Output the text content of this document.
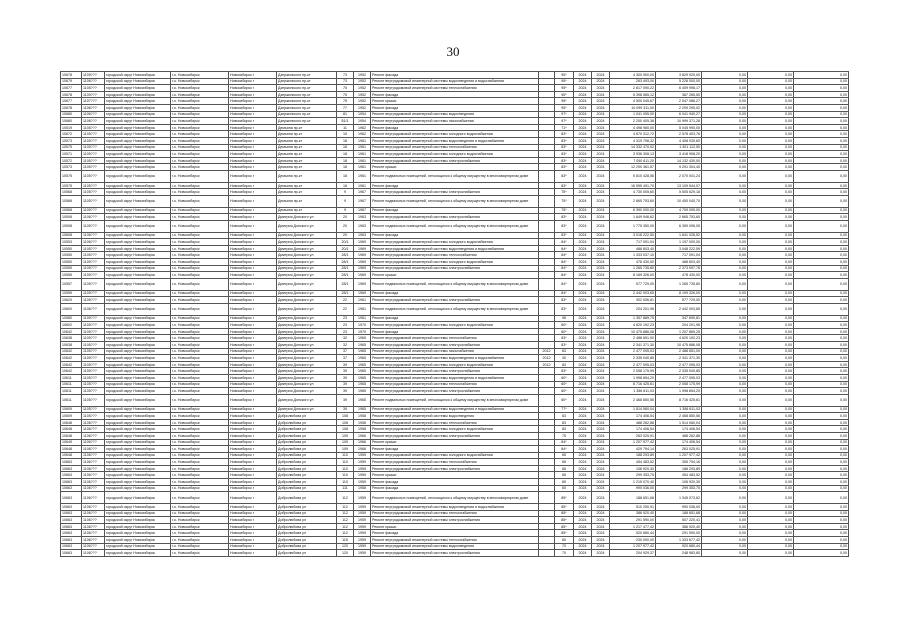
30
10678	1109???	городской округ Новосибирск	г.о. Новосибирск	Новосибирск г	Дзержинского пр-кт	73	1952	Ремонт фасада		95*	2024	2024	4 300 900,00	3 829 920,00	0,00	0,00	0,00
10679	1106???	городской округ Новосибирск	г.о. Новосибирск	Новосибирск г	Дзержинского пр-кт	73	1952	Ремонт внутридомовой инженерной системы водоотведения и водоснабжения		95*	2024	2024	263 493,00	5 226 000,00	0,00	0,00	0,00
10677	1105???	городской округ Новосибирск	г.о. Новосибирск	Новосибирск г	Дзержинского пр-кт	75	1952	Ремонт внутридомовой инженерной системы теплоснабжения		95*	2024	2024	2 817 090,22	6 409 998,17	0,00	0,00	0,00
10678	1109???	городской округ Новосибирск	г.о. Новосибирск	Новосибирск г	Дзержинского пр-кт	75	1952	Ремонт фасада		95*	2024	2024	5 398 585,12	387 265,50	0,00	0,00	0,00
10677	1107???	городской округ Новосибирск	г.о. Новосибирск	Новосибирск г	Дзержинского пр-кт	75	1952	Ремонт крыши		95*	2024	2024	4 500 045,67	2 547 086,27	0,00	0,00	0,00
10678	1106???	городской округ Новосибирск	г.о. Новосибирск	Новосибирск г	Дзержинского пр-кт	77	1952	Ремонт фасада		95*	2024	2024	10 099 311,00	2 209 295,02	0,00	0,00	0,00
10680	1106???	городской округ Новосибирск	г.о. Новосибирск	Новосибирск г	Дзержинского пр-кт	81	1954	Ремонт внутридомовой инженерной системы водоотведения		97*	2024	2024	1 041 055,00	6 041 940,27	0,00	0,00	0,00
10680	1106???	городской округ Новосибирск	г.о. Новосибирск	Новосибирск г	Дзержинского пр-кт	81/1	1954	Ремонт внутридомовой инженерной системы газоснабжения		97*	2024	2024	2 200 405,38	10 999 371,28	0,00	0,00	0,00
10519	1105???	городской округ Новосибирск	г.о. Новосибирск	Новосибирск г	Демьяна пр-кт	11	1962	Ремонт фасада		71*	2024	2024	4 498 980,00	5 045 990,00	0,00	0,00	0,00
10672	1105???	городской округ Новосибирск	г.о. Новосибирск	Новосибирск г	Демьяна пр-кт	15	1962	Ремонт внутридомовой инженерной системы холодного водоснабжения		83*	2024	2024	4 670 312,72	2 578 403,76	0,00	0,00	0,00
10573	1105???	городской округ Новосибирск	г.о. Новосибирск	Новосибирск г	Демьяна пр-кт	18	1961	Ремонт внутридомовой инженерной системы водоотведения и водоснабжения		83*	2024	2024	4 319 798,32	4 408 030,60	0,00	0,00	0,00
10575	1105???	городской округ Новосибирск	г.о. Новосибирск	Новосибирск г	Демьяна пр-кт	18	1961	Ремонт внутридомовой инженерной системы теплоснабжения		83*	2024	2024	14 332 470,02	1 401 112,50	0,00	0,00	0,00
10571	1105???	городской округ Новосибирск	г.о. Новосибирск	Новосибирск г	Демьяна пр-кт	18	1961	Ремонт внутридомовой инженерной системы холодного водоснабжения		83*	2024	2024	3 936 308,13	3 418 908,20	0,00	0,00	0,00
10572	1105???	городской округ Новосибирск	г.о. Новосибирск	Новосибирск г	Демьяна пр-кт	18	1961	Ремонт внутридомовой инженерной системы электроснабжения		83*	2024	2024	7 050 611,20	14 132 430,00	0,00	0,00	0,00
10573	1105???	городской округ Новосибирск	г.о. Новосибирск	Новосибирск г	Демьяна пр-кт	18	1961	Ремонт крыши		83*	2024	2024	12 290 361,57	9 291 304,40	0,00	0,00	0,00
10575	1105???	городской округ Новосибирск	г.о. Новосибирск	Новосибирск г	Демьяна пр-кт	18	1961	Ремонт подвальных помещений, относящихся к общему имуществу в многоквартирном доме		83*	2024	2024	5 810 428,56	2 070 041,24	0,00	0,00	0,00
10575	1105???	городской округ Новосибирск	г.о. Новосибирск	Новосибирск г	Демьяна пр-кт	16	1961	Ремонт фасада		83*	2024	2024	16 595 491,70	13 109 544,07	0,00	0,00	0,00
10568	1105???	городской округ Новосибирск	г.о. Новосибирск	Новосибирск г	Демьяна пр-кт	9	1967	Ремонт внутридомовой инженерной системы электроснабжения		75*	2024	2024	4 730 005,60	5 505 629,18	0,00	0,00	0,00
10568	1105???	городской округ Новосибирск	г.о. Новосибирск	Новосибирск г	Демьяна пр-кт	9	1967	Ремонт подвальных помещений, относящихся к общему имуществу в многоквартирном доме		75*	2024	2024	2 665 753,60	10 450 040,70	0,00	0,00	0,00
10568	1105???	городской округ Новосибирск	г.о. Новосибирск	Новосибирск г	Демьяна пр-кт	9	1967	Ремонт фасада		75*	2024	2024	6 390 000,00	4 709 095,00	0,00	0,00	0,00
10508	1106???	городской округ Новосибирск	г.о. Новосибирск	Новосибирск г	Дмитрия Донского ул	20	1963	Ремонт внутридомовой инженерной системы электроснабжения		83*	2024	2024	1 649 946,62	2 665 753,60	0,00	0,00	0,00
10508	1105???	городской округ Новосибирск	г.о. Новосибирск	Новосибирск г	Дмитрия Донского ул	20	1963	Ремонт подвальных помещений, относящихся к общему имуществу в многоквартирном доме		83*	2024	2024	1 775 350,00	6 359 096,05	0,00	0,00	0,00
10608	1106???	городской округ Новосибирск	г.о. Новосибирск	Новосибирск г	Дмитрия Донского ул	20	1963	Ремонт фасада		83*	2024	2024	3 018 222,50	1 641 026,52	0,00	0,00	0,00
10553	1106???	городской округ Новосибирск	г.о. Новосибирск	Новосибирск г	Дмитрия Донского ул	20/1	1969	Ремонт внутридомовой инженерной системы холодного водоснабжения		84*	2024	2024	717 091,04	1 197 000,00	0,00	0,00	0,00
10550	1105???	городской округ Новосибирск	г.о. Новосибирск	Новосибирск г	Дмитрия Донского ул	20/1	1969	Ремонт внутридомовой инженерной системы водоотведения и водоснабжения		84*	2024	2024	488 603,40	3 048 222,59	0,00	0,00	0,00
10550	1105???	городской округ Новосибирск	г.о. Новосибирск	Новосибирск г	Дмитрия Донского ул	28/1	1969	Ремонт внутридомовой инженерной системы теплоснабжения		84*	2024	2024	1 333 037,10	717 091,04	0,00	0,00	0,00
10550	1105???	городской округ Новосибирск	г.о. Новосибирск	Новосибирск г	Дмитрия Донского ул	28/1	1969	Ремонт внутридомовой инженерной системы холодного водоснабжения		84*	2024	2024	478 430,00	488 603,40	0,00	0,00	0,00
10559	1105???	городской округ Новосибирск	г.о. Новосибирск	Новосибирск г	Дмитрия Донского ул	28/1	1969	Ремонт внутридомовой инженерной системы электроснабжения		84*	2024	2024	1 265 735,80	2 373 097,78	0,00	0,00	0,00
10555	1105???	городской округ Новосибирск	г.о. Новосибирск	Новосибирск г	Дмитрия Донского ул	28/1	1969	Ремонт крыши		84*	2024	2024	8 169 326,00	478 430,00	0,00	0,00	0,00
10557	1105???	городской округ Новосибирск	г.о. Новосибирск	Новосибирск г	Дмитрия Донского ул	28/1	1969	Ремонт подвальных помещений, относящихся к общему имуществу в многоквартирном доме		84*	2024	2024	577 729,00	1 265 735,80	0,00	0,00	0,00
10559	1105???	городской округ Новосибирск	г.о. Новосибирск	Новосибирск г	Дмитрия Донского ул	28/1	1969	Ремонт фасада		84*	2024	2024	2 442 003,65	8 199 326,00	0,00	0,00	0,00
10620	1105???	городской округ Новосибирск	г.о. Новосибирск	Новосибирск г	Дмитрия Донского ул	22	1961	Ремонт внутридомовой инженерной системы электроснабжения		83*	2024	2024	302 006,81	577 729,00	0,00	0,00	0,00
10600	1106???	городской округ Новосибирск	г.о. Новосибирск	Новосибирск г	Дмитрия Донского ул	22	1961	Ремонт подвальных помещений, относящихся к общему имуществу в многоквартирном доме		83*	2024	2024	204 201,96	2 442 003,65	0,00	0,00	0,00
10580	1105???	городской округ Новосибирск	г.о. Новосибирск	Новосибирск г	Дмитрия Донского ул	23	1961	Ремонт фасада		96	2024	2024	1 357 889,75	347 690,81	0,00	0,00	0,00
10602	1105???	городской округ Новосибирск	г.о. Новосибирск	Новосибирск г	Дмитрия Донского ул	23	1970	Ремонт внутридомовой инженерной системы холодного водоснабжения		60*	2024	2024	4 620 192,23	204 201,96	0,00	0,00	0,00
10642	1105???	городской округ Новосибирск	г.о. Новосибирск	Новосибирск г	Дмитрия Донского ул	23	1970	Ремонт фасада		60*	2024	2024	10 475 886,08	1 207 869,25	0,00	0,00	0,00
10638	1105???	городской округ Новосибирск	г.о. Новосибирск	Новосибирск г	Дмитрия Донского ул	32	1965	Ремонт внутридомовой инженерной системы теплоснабжения		83*	2024	2024	2 488 651,00	4 620 192,23	0,00	0,00	0,00
10638	1105???	городской округ Новосибирск	г.о. Новосибирск	Новосибирск г	Дмитрия Донского ул	32	1965	Ремонт внутридомовой инженерной системы электроснабжения		83*	2024	2024	2 341 371,30	10 475 886,08	0,00	0,00	0,00
10642	1105???	городской округ Новосибирск	г.о. Новосибирск	Новосибирск г	Дмитрия Донского ул	37	1965	Ремонт внутридомовой инженерной системы газоснабжения	2012	83	2024	2024	2 477 095,03	2 488 651,00	0,00	0,00	0,00
10642	1105???	городской округ Новосибирск	г.о. Новосибирск	Новосибирск г	Дмитрия Донского ул	37	1965	Ремонт внутридомовой инженерной системы водоотведения и водоснабжения	2012	30	2024	2024	2 335 040,85	2 341 371,30	0,00	0,00	0,00
10642	1105???	городской округ Новосибирск	г.о. Новосибирск	Новосибирск г	Дмитрия Донского ул	39	1965	Ремонт внутридомовой инженерной системы холодного водоснабжения	2012	83	2024	2024	2 477 095,03	2 477 095,03	0,00	0,00	0,00
10642	1105???	городской округ Новосибирск	г.о. Новосибирск	Новосибирск г	Дмитрия Донского ул	39	1965	Ремонт внутридомовой инженерной системы электроснабжения		83*	2024	2024	2 058 175,99	2 335 040,85	0,00	0,00	0,00
10611	1105???	городской округ Новосибирск	г.о. Новосибирск	Новосибирск г	Дмитрия Донского ул	39	1965	Ремонт внутридомовой инженерной системы водоотведения и водоснабжения		60*	2024	2024	1 998 654,20	2 477 095,03	0,00	0,00	0,00
10611	1105???	городской округ Новосибирск	г.о. Новосибирск	Новосибирск г	Дмитрия Донского ул	39	1965	Ремонт внутридомовой инженерной системы теплоснабжения		60*	2024	2024	8 716 425,61	2 058 175,99	0,00	0,00	0,00
10611	1105???	городской округ Новосибирск	г.о. Новосибирск	Новосибирск г	Дмитрия Донского ул	39	1965	Ремонт внутридомовой инженерной системы электроснабжения		60*	2024	2024	1 356 611,03	1 998 654,20	0,00	0,00	0,00
10611	1105???	городской округ Новосибирск	г.о. Новосибирск	Новосибирск г	Дмитрия Донского ул	39	1965	Ремонт подвальных помещений, относящихся к общему имуществу в многоквартирном доме		60*	2024	2024	2 468 850,56	8 716 425,61	0,00	0,00	0,00
10609	1105???	городской округ Новосибирск	г.о. Новосибирск	Новосибирск г	Дмитрия Донского ул	39	1965	Ремонт внутридомовой инженерной системы водоотведения и водоснабжения		77*	2024	2024	1 514 060,04	1 356 611,03	0,00	0,00	0,00
10609	1105???	городской округ Новосибирск	г.о. Новосибирск	Новосибирск г	Добролюбова ул	108	1958	Ремонт внутридомовой инженерной системы водоотведения		83	2024	2024	174 406,54	2 468 850,56	0,00	0,00	0,00
10648	1106???	городской округ Новосибирск	г.о. Новосибирск	Новосибирск г	Добролюбова ул	108	1958	Ремонт внутридомовой инженерной системы теплоснабжения		83	2024	2024	488 262,88	1 514 060,04	0,00	0,00	0,00
10648	1106???	городской округ Новосибирск	г.о. Новосибирск	Новосибирск г	Добролюбова ул	108	1958	Ремонт внутридомовой инженерной системы холодного водоснабжения		83	2024	2024	174 406,54	174 406,54	0,00	0,00	0,00
10648	1106???	городской округ Новосибирск	г.о. Новосибирск	Новосибирск г	Добролюбова ул	109	1966	Ремонт внутридомовой инженерной системы электроснабжения		75	2024	2024	263 025,91	488 262,88	0,00	0,00	0,00
10649	1106???	городской округ Новосибирск	г.о. Новосибирск	Новосибирск г	Добролюбова ул	109	1966	Ремонт крыши		84*	2024	2024	1 207 977,42	174 406,54	0,00	0,00	0,00
10648	1106???	городской округ Новосибирск	г.о. Новосибирск	Новосибирск г	Добролюбова ул	109	1966	Ремонт фасада		84*	2024	2024	429 794,14	263 025,91	0,00	0,00	0,00
10648	1106???	городской округ Новосибирск	г.о. Новосибирск	Новосибирск г	Добролюбова ул	110	1959	Ремонт внутридомовой инженерной системы холодного водоснабжения		65	2024	2024	188 293,89	1 207 977,42	0,00	0,00	0,00
10663	1106???	городской округ Новосибирск	г.о. Новосибирск	Новосибирск г	Добролюбова ул	110	1959	Ремонт внутридомовой инженерной системы теплоснабжения		65	2024	2024	454 483,52	355 794,16	0,00	0,00	0,00
10663	1106???	городской округ Новосибирск	г.о. Новосибирск	Новосибирск г	Добролюбова ул	110	1959	Ремонт внутридомовой инженерной системы электроснабжения		65	2024	2024	106 920,30	188 293,89	0,00	0,00	0,00
10663	1106???	городской округ Новосибирск	г.о. Новосибирск	Новосибирск г	Добролюбова ул	110	1959	Ремонт крыши		65	2024	2024	299 353,75	454 483,52	0,00	0,00	0,00
10663	1106???	городской округ Новосибирск	г.о. Новосибирск	Новосибирск г	Добролюбова ул	110	1959	Ремонт фасада		65	2024	2024	1 215 070,40	106 920,30	0,00	0,00	0,00
10663	1106???	городской округ Новосибирск	г.о. Новосибирск	Новосибирск г	Добролюбова ул	111	1958	Ремонт фасада		60	2024	2024	990 036,00	299 353,75	0,00	0,00	0,00
10663	1106???	городской округ Новосибирск	г.о. Новосибирск	Новосибирск г	Добролюбова ул	112	1959	Ремонт подвальных помещений, относящихся к общему имуществу в многоквартирном доме		85*	2024	2024	188 651,68	1 345 073,62	0,00	0,00	0,00
10663	1106???	городской округ Новосибирск	г.о. Новосибирск	Новосибирск г	Добролюбова ул	112	1959	Ремонт внутридомовой инженерной системы водоотведения и водоснабжения		85*	2024	2024	510 250,91	990 036,00	0,00	0,00	0,00
10663	1106???	городской округ Новосибирск	г.о. Новосибирск	Новосибирск г	Добролюбова ул	112	1959	Ремонт внутридомовой инженерной системы теплоснабжения		85*	2024	2024	386 920,40	188 651,68	0,00	0,00	0,00
10663	1106???	городской округ Новосибирск	г.о. Новосибирск	Новосибирск г	Добролюбова ул	112	1959	Ремонт внутридомовой инженерной системы электроснабжения		85*	2024	2024	291 590,00	507 220,41	0,00	0,00	0,00
10663	1106???	городской округ Новосибирск	г.о. Новосибирск	Новосибирск г	Добролюбова ул	112	1959	Ремонт крыши		85*	2024	2024	1 217 477,42	386 920,40	0,00	0,00	0,00
10663	1106???	городской округ Новосибирск	г.о. Новосибирск	Новосибирск г	Добролюбова ул	112	1959	Ремонт фасада		85*	2024	2024	920 680,44	291 590,00	0,00	0,00	0,00
10663	1106???	городской округ Новосибирск	г.о. Новосибирск	Новосибирск г	Добролюбова ул	115	1959	Ремонт внутридомовой инженерной системы теплоснабжения		60	2024	2024	230 000,00	1 333 677,42	0,00	0,00	0,00
10663	1106???	городской округ Новосибирск	г.о. Новосибирск	Новосибирск г	Добролюбова ул	120	1959	Ремонт внутридомовой инженерной системы водоотведения		70	2024	2024	1 207 977,42	920 680,44	0,00	0,00	0,00
10663	1106???	городской округ Новосибирск	г.о. Новосибирск	Новосибирск г	Добролюбова ул	120	1959	Ремонт внутридомовой инженерной системы электроснабжения		70	2024	2024	204 929,37	248 983,80	0,00	0,00	0,00
